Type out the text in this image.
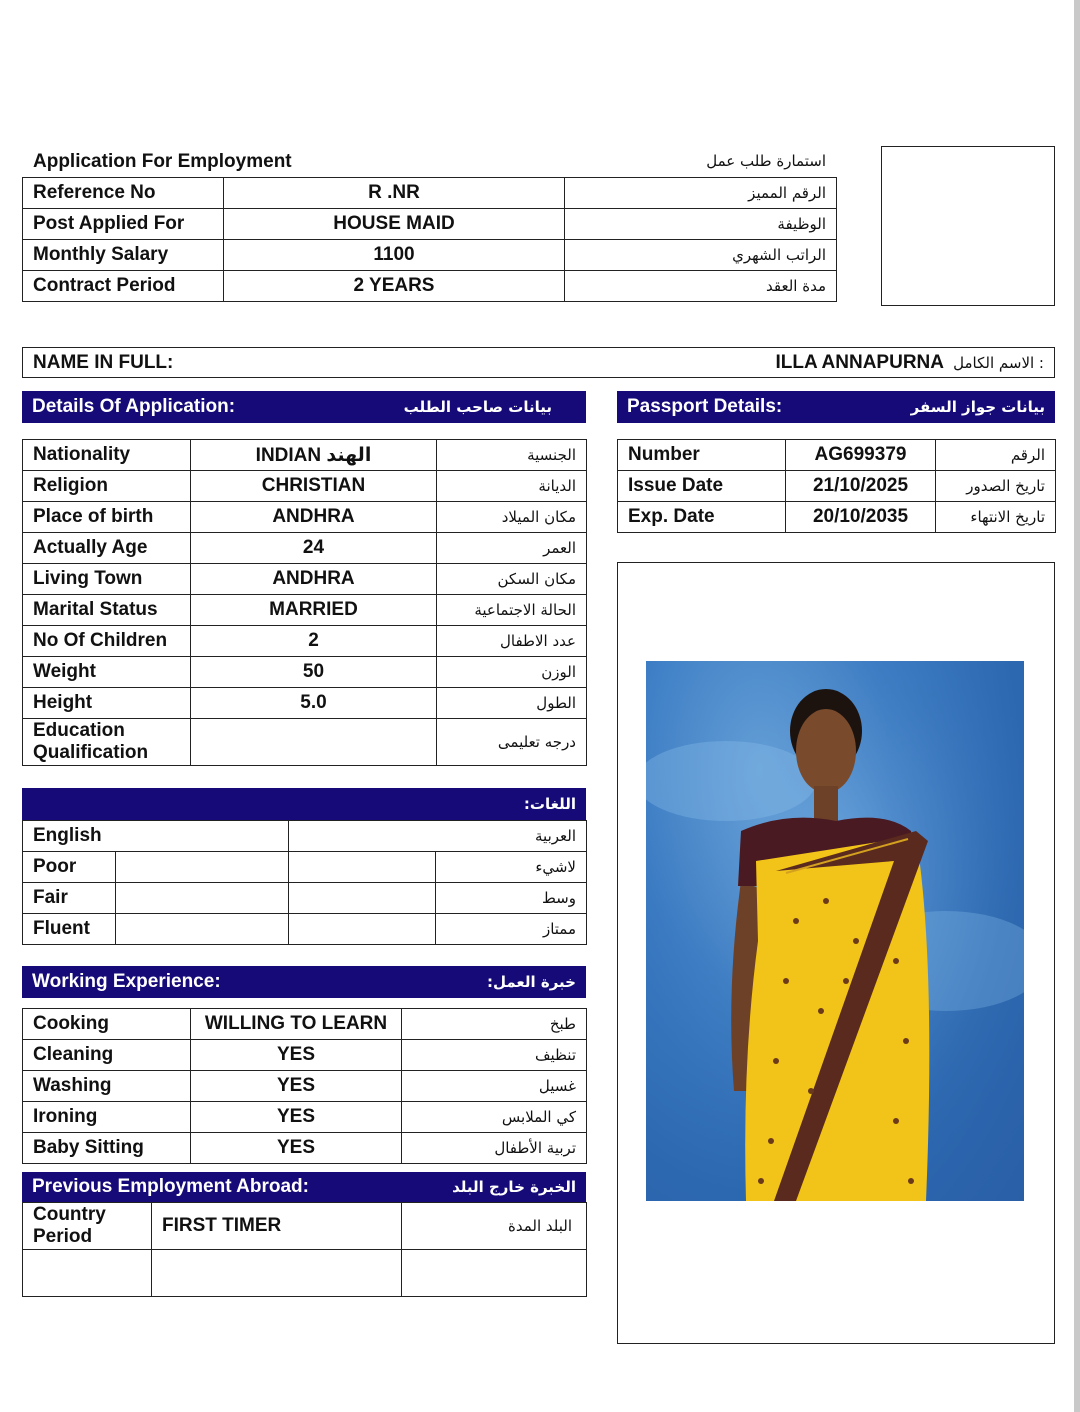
Application For Employment	استمارة طلب عمل
Reference No	R .NR	الرقم المميز
Post Applied For	HOUSE MAID	الوظيفة
Monthly Salary	1100	الراتب الشهري
Contract Period	2 YEARS	مدة العقد
NAME IN FULL:	ILLA ANNAPURNA : الاسم الكامل
Details Of Application:	بيانات صاحب الطلب
Nationality	INDIAN الهند	الجنسية
Religion	CHRISTIAN	الديانة
Place of birth	ANDHRA	مكان الميلاد
Actually Age	24	العمر
Living Town	ANDHRA	مكان السكن
Marital Status	MARRIED	الحالة الاجتماعية
No Of Children	2	عدد الاطفال
Weight	50	الوزن
Height	5.0	الطول
Education
Qualification		درجه تعليمى
Passport Details:	بيانات جواز السفر
Number	AG699379	الرقم
Issue Date	21/10/2025	تاريخ الصدور
Exp. Date	20/10/2035	تاريخ الانتهاء
اللغات:
English		العربية	
Poor			لاشيء
Fair			وسط
Fluent			ممتاز
Working Experience:	خبرة العمل:
Cooking	WILLING TO LEARN	طبخ
Cleaning	YES	تنظيف
Washing	YES	غسيل
Ironing	YES	كي الملابس
Baby Sitting	YES	تربية الأطفال
Previous Employment Abroad:	الخبرة خارج البلد
Country
Period	FIRST TIMER	البلد المدة
